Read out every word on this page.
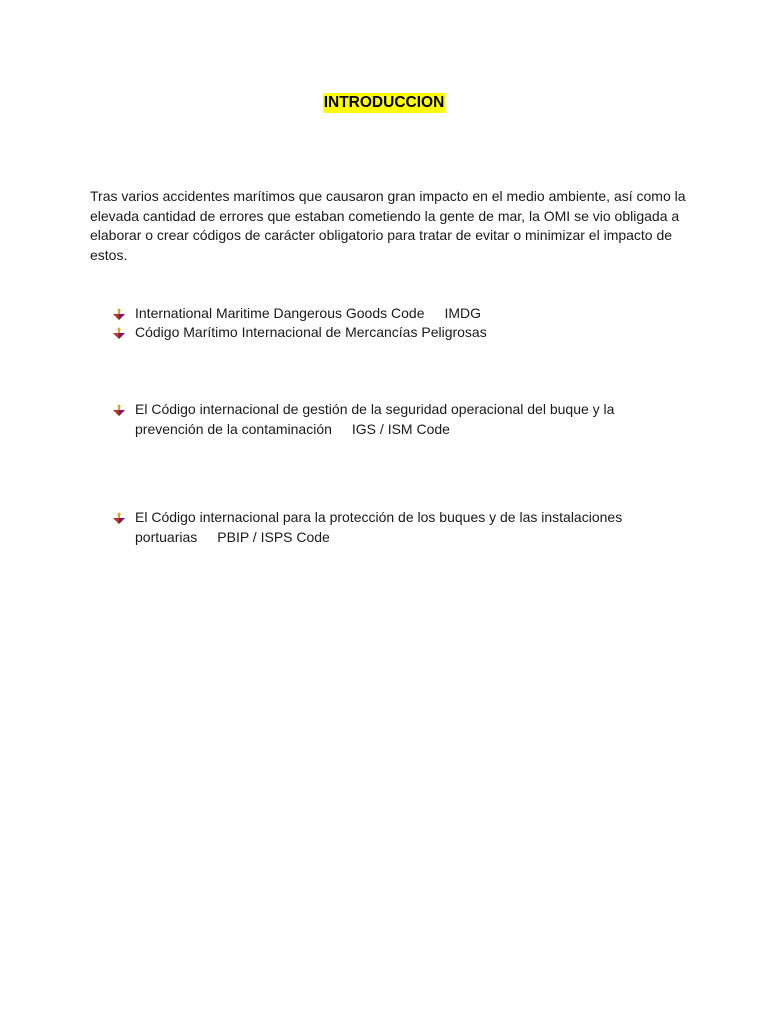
INTRODUCCION

Tras varios accidentes marítimos que causaron gran impacto en el medio ambiente, así como la elevada cantidad de errores que estaban cometiendo la gente de mar, la OMI se vio obligada a elaborar o crear códigos de carácter obligatorio para tratar de evitar o minimizar el impacto de estos.

International Maritime Dangerous Goods Code IMDG
Código Marítimo Internacional de Mercancías Peligrosas
El Código internacional de gestión de la seguridad operacional del buque y la prevención de la contaminación IGS / ISM Code
El Código internacional para la protección de los buques y de las instalaciones portuarias PBIP / ISPS Code
